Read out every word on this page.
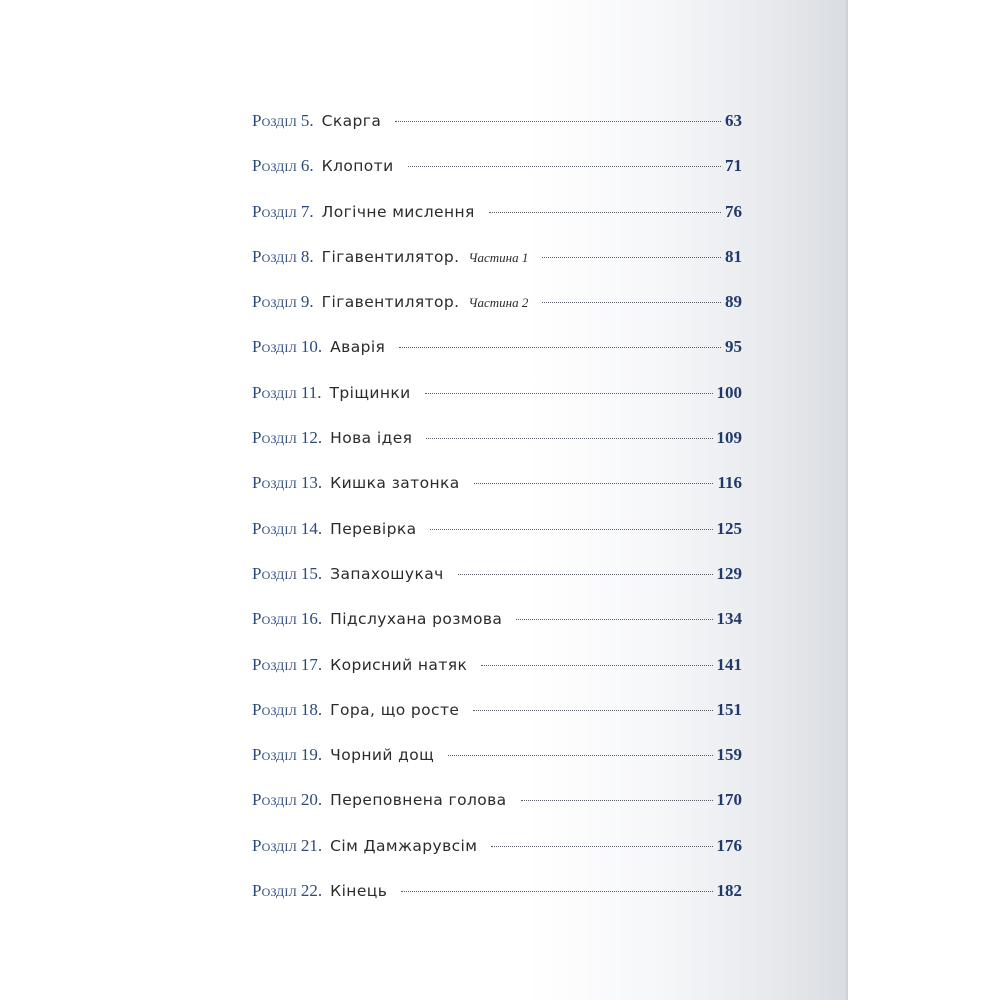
Розділ
5 . Скарга	63
Розділ
6 . Клопоти	71
Розділ
7 . Логічне мислення	76
Розділ
8 . Гігавентилятор. Частина 1	81
Розділ
9 . Гігавентилятор. Частина 2	89
Розділ
10 . Аварія	95
Розділ
11 . Тріщинки	100
Розділ
12 . Нова ідея	109
Розділ
13 . Кишка затонка	116
Розділ
14 . Перевірка	125
Розділ
15 . Запахошукач	129
Розділ
16 . Підслухана розмова	134
Розділ
17 . Корисний натяк	141
Розділ
18 . Гора, що росте	151
Розділ
19 . Чорний дощ	159
Розділ
20 . Переповнена голова	170
Розділ
21 . Сім Дамжарувсім	176
Розділ
22 . Кінець	182
